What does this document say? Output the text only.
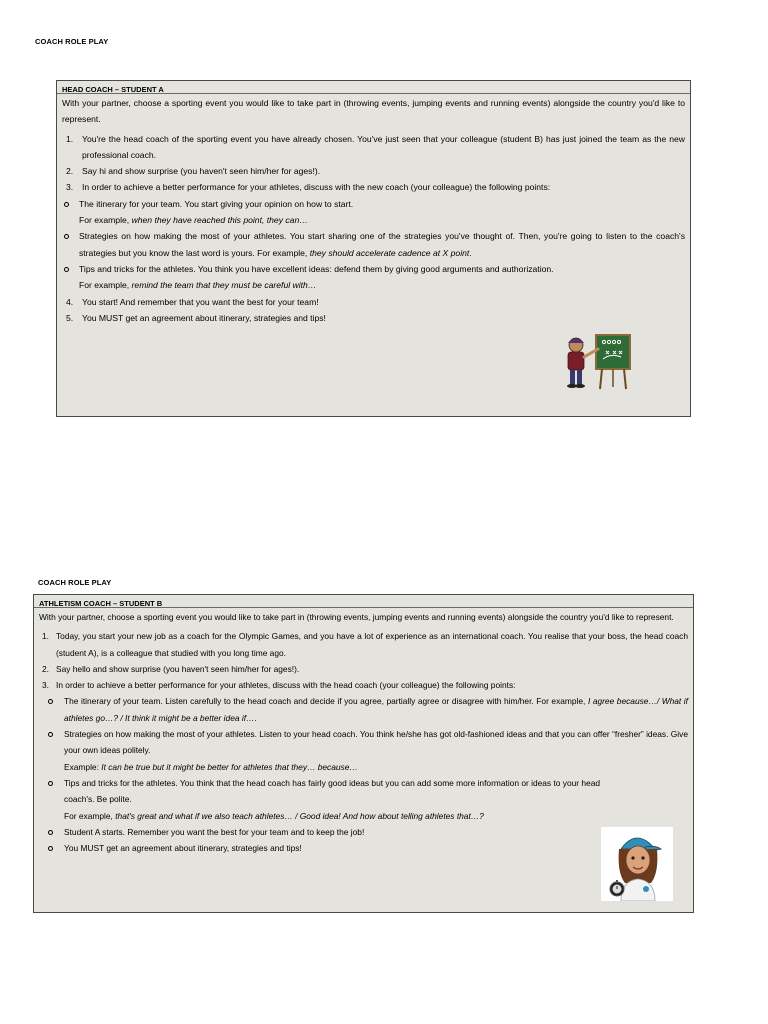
COACH ROLE PLAY
HEAD COACH – STUDENT A

With your partner, choose a sporting event you would like to take part in (throwing events, jumping events and running events) alongside the country you'd like to represent.

1. You're the head coach of the sporting event you have already chosen. You've just seen that your colleague (student B) has just joined the team as the new professional coach.
2. Say hi and show surprise (you haven't seen him/her for ages!).
3. In order to achieve a better performance for your athletes, discuss with the new coach (your colleague) the following points:
The itinerary for your team. You start giving your opinion on how to start.
For example, when they have reached this point, they can…
Strategies on how making the most of your athletes. You start sharing one of the strategies you've thought of. Then, you're going to listen to the coach's strategies but you know the last word is yours. For example, they should accelerate cadence at X point.
Tips and tricks for the athletes. You think you have excellent ideas: defend them by giving good arguments and authorization.
For example, remind the team that they must be careful with…
4. You start! And remember that you want the best for your team!
5. You MUST get an agreement about itinerary, strategies and tips!
COACH ROLE PLAY
ATHLETISM COACH – STUDENT B

With your partner, choose a sporting event you would like to take part in (throwing events, jumping events and running events) alongside the country you'd like to represent.

1. Today, you start your new job as a coach for the Olympic Games, and you have a lot of experience as an international coach. You realise that your boss, the head coach (student A), is a colleague that studied with you long time ago.
2. Say hello and show surprise (you haven't seen him/her for ages!).
3. In order to achieve a better performance for your athletes, discuss with the head coach (your colleague) the following points:
The itinerary of your team. Listen carefully to the head coach and decide if you agree, partially agree or disagree with him/her. For example, I agree because…/ What if athletes go…? / It think it might be a better idea if….
Strategies on how making the most of your athletes. Listen to your head coach. You think he/she has got old-fashioned ideas and that you can offer “fresher” ideas. Give your own ideas politely.
Example: It can be true but it might be better for athletes that they… because…
Tips and tricks for the athletes. You think that the head coach has fairly good ideas but you can add some more information or ideas to your head coach's. Be polite.
For example, that's great and what if we also teach athletes… / Good idea! And how about telling athletes that…?
Student A starts. Remember you want the best for your team and to keep the job!
You MUST get an agreement about itinerary, strategies and tips!
